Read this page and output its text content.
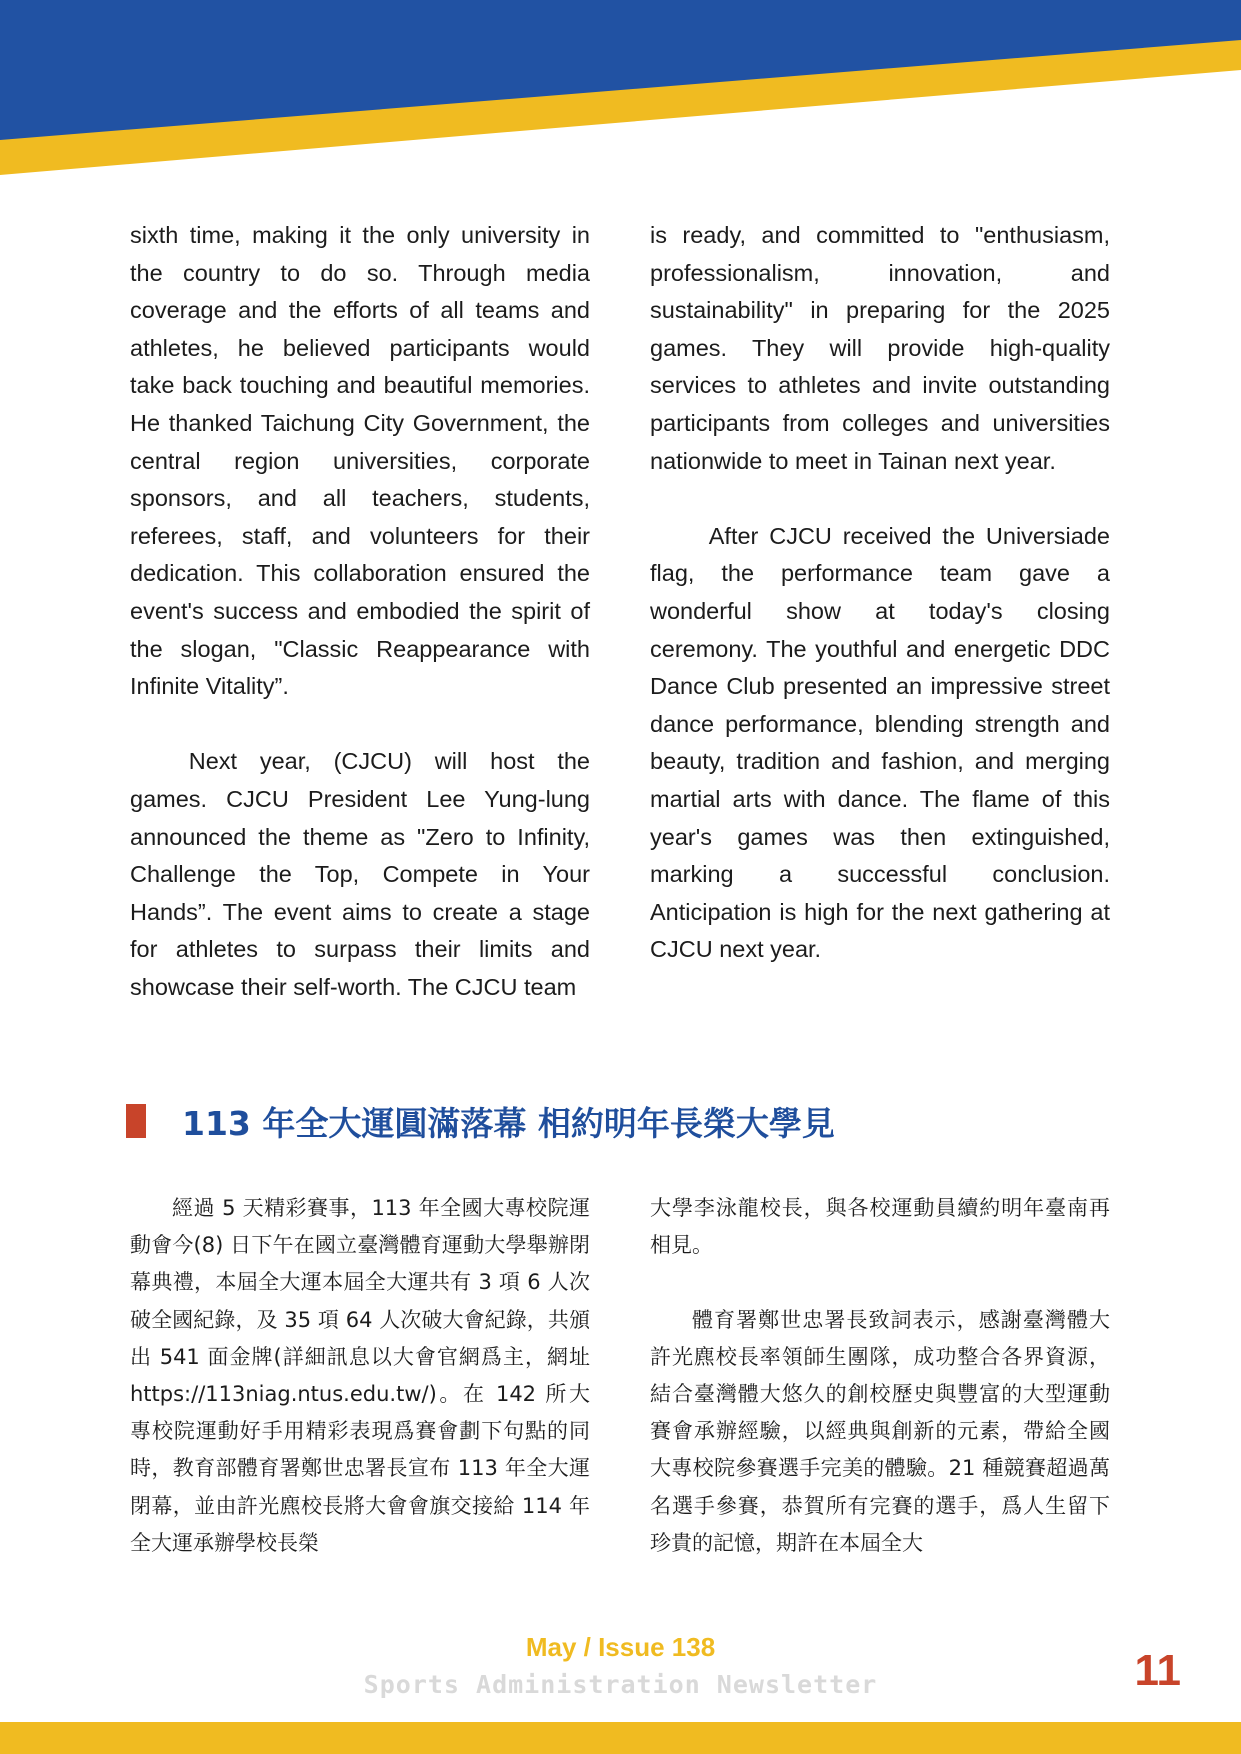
sixth time, making it the only university in the country to do so. Through media coverage and the efforts of all teams and athletes, he believed participants would take back touching and beautiful memories. He thanked Taichung City Government, the central region universities, corporate sponsors, and all teachers, students, referees, staff, and volunteers for their dedication. This collaboration ensured the event's success and embodied the spirit of the slogan, "Classic Reappearance with Infinite Vitality”.

Next year, (CJCU) will host the games. CJCU President Lee Yung-lung announced the theme as "Zero to Infinity, Challenge the Top, Compete in Your Hands”. The event aims to create a stage for athletes to surpass their limits and showcase their self-worth. The CJCU team

is ready, and committed to "enthusiasm, professionalism, innovation, and sustainability" in preparing for the 2025 games. They will provide high-quality services to athletes and invite outstanding participants from colleges and universities nationwide to meet in Tainan next year.

After CJCU received the Universiade flag, the performance team gave a wonderful show at today's closing ceremony. The youthful and energetic DDC Dance Club presented an impressive street dance performance, blending strength and beauty, tradition and fashion, and merging martial arts with dance. The flame of this year's games was then extinguished, marking a successful conclusion. Anticipation is high for the next gathering at CJCU next year.

113 年全大運圓滿落幕 相約明年長榮大學見

經過 5 天精彩賽事，113 年全國大專校院運動會今(8) 日下午在國立臺灣體育運動大學舉辦閉幕典禮，本屆全大運本屆全大運共有 3 項 6 人次破全國紀錄，及 35 項 64 人次破大會紀錄，共頒出 541 面金牌(詳細訊息以大會官網爲主，網址 https://113niag.ntus.edu.tw/)。在 142 所大專校院運動好手用精彩表現爲賽會劃下句點的同時，教育部體育署鄭世忠署長宣布 113 年全大運閉幕，並由許光麃校長將大會會旗交接給 114 年全大運承辦學校長榮

大學李泳龍校長，與各校運動員續約明年臺南再相見。

體育署鄭世忠署長致詞表示，感謝臺灣體大許光麃校長率領師生團隊，成功整合各界資源，結合臺灣體大悠久的創校歷史與豐富的大型運動賽會承辦經驗，以經典與創新的元素，帶給全國大專校院參賽選手完美的體驗。21 種競賽超過萬名選手參賽，恭賀所有完賽的選手，爲人生留下珍貴的記憶，期許在本屆全大

May / Issue 138
Sports Administration Newsletter	11
